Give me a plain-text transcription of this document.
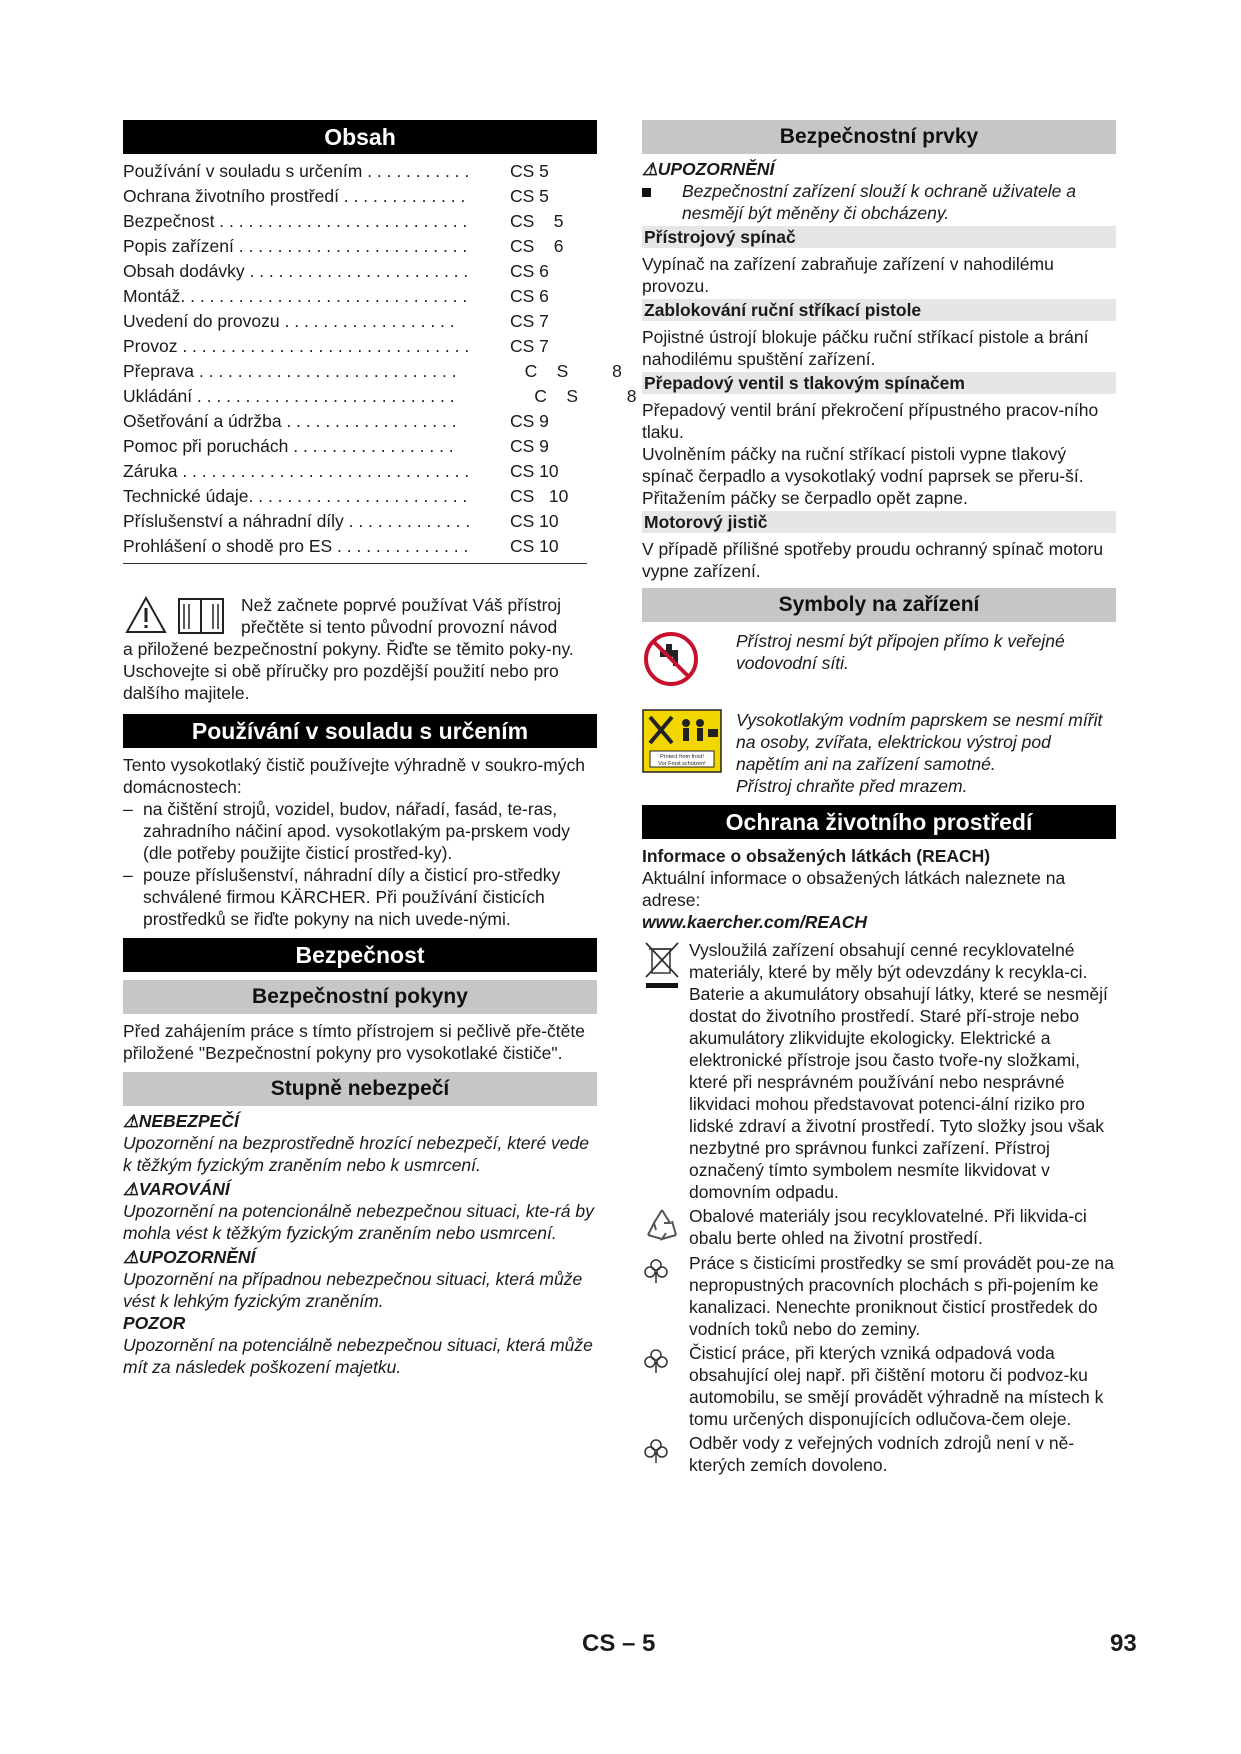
Obsah
Používání v souladu s určením . . . . . . . . . . . CS 5
Ochrana životního prostředí . . . . . . . . . . . . .	CS 5
Bezpečnost . . . . . . . . . . . . . . . . . . . . . . . . . . CS    5
Popis zařízení . . . . . . . . . . . . . . . . . . . . . . . . CS    6
Obsah dodávky . . . . . . . . . . . . . . . . . . . . . . . CS 6
Montáž. . . . . . . . . . . . . . . . . . . . . . . . . . . . . . CS 6
Uvedení do provozu . . . . . . . . . . . . . . . . . .	CS 7
Provoz . . . . . . . . . . . . . . . . . . . . . . . . . . . . . . CS 7
Přeprava . . . . . . . . . . . . . . . . . . . . . . . . . . .	C    S         8
Ukládání . . . . . . . . . . . . . . . . . . . . . . . . . . .	C    S          8
Ošetřování a údržba . . . . . . . . . . . . . . . . . .	CS 9
Pomoc při poruchách . . . . . . . . . . . . . . . . .	CS 9
Záruka . . . . . . . . . . . . . . . . . . . . . . . . . . . . . . CS 10
Technické údaje. . . . . . . . . . . . . . . . . . . . . . . CS   10
Příslušenství a náhradní díly . . . . . . . . . . . . . CS 10
Prohlášení o shodě pro ES . . . . . . . . . . . . . . CS 10
Než začnete poprvé používat Váš přístroj
přečtěte si tento původní provozní návod
a přiložené bezpečnostní pokyny. Řiďte se těmito poky-ny. Uschovejte si obě příručky pro pozdější použití nebo pro dalšího majitele.
Používání v souladu s určením
Tento vysokotlaký čistič používejte výhradně v soukro-mých domácnostech:
– na čištění strojů, vozidel, budov, nářadí, fasád, te-ras, zahradního náčiní apod. vysokotlakým pa-prskem vody (dle potřeby použijte čisticí prostřed-ky).
– pouze příslušenství, náhradní díly a čisticí pro-středky schválené firmou KÄRCHER. Při používání čisticích prostředků se řiďte pokyny na nich uvede-nými.
Bezpečnost
Bezpečnostní pokyny
Před zahájením práce s tímto přístrojem si pečlivě pře-čtěte přiložené "Bezpečnostní pokyny pro vysokotlaké čističe".
Stupně nebezpečí
⚠NEBEZPEČÍ
Upozornění na bezprostředně hrozící nebezpečí, které vede k těžkým fyzickým zraněním nebo k usmrcení.
⚠VAROVÁNÍ
Upozornění na potencionálně nebezpečnou situaci, kte-rá by mohla vést k těžkým fyzickým zraněním nebo usmrcení.
⚠UPOZORNĚNÍ
Upozornění na případnou nebezpečnou situaci, která může vést k lehkým fyzickým zraněním.
POZOR
Upozornění na potenciálně nebezpečnou situaci, která může mít za následek poškození majetku.
Bezpečnostní prvky
⚠UPOZORNĚNÍ
Bezpečnostní zařízení slouží k ochraně uživatele a nesmějí být měněny či obcházeny.
Přístrojový spínač
Vypínač na zařízení zabraňuje zařízení v nahodilému provozu.
Zablokování ruční stříkací pistole
Pojistné ústrojí blokuje páčku ruční stříkací pistole a brání nahodilému spuštění zařízení.
Přepadový ventil s tlakovým spínačem
Přepadový ventil brání překročení přípustného pracov-ního tlaku.
Uvolněním páčky na ruční stříkací pistoli vypne tlakový spínač čerpadlo a vysokotlaký vodní paprsek se přeru-ší. Přitažením páčky se čerpadlo opět zapne.
Motorový jistič
V případě přílišné spotřeby proudu ochranný spínač motoru vypne zařízení.
Symboly na zařízení
Přístroj nesmí být připojen přímo k veřejné vodovodní síti.
Protect from frost!
Vor Frost schützen!
Vysokotlakým vodním paprskem se nesmí mířit na osoby, zvířata, elektrickou výstroj pod napětím ani na zařízení samotné.
Přístroj chraňte před mrazem.
Ochrana životního prostředí
Informace o obsažených látkách (REACH)
Aktuální informace o obsažených látkách naleznete na adrese:
www.kaercher.com/REACH
Vysloužilá zařízení obsahují cenné recyklovatelné materiály, které by měly být odevzdány k recykla-ci. Baterie a akumulátory obsahují látky, které se nesmějí dostat do životního prostředí. Staré pří-stroje nebo akumulátory zlikvidujte ekologicky. Elektrické a elektronické přístroje jsou často tvoře-ny složkami, které při nesprávném používání nebo nesprávné likvidaci mohou představovat potenci-ální riziko pro lidské zdraví a životní prostředí. Tyto složky jsou však nezbytné pro správnou funkci zařízení. Přístroj označený tímto symbolem nesmíte likvidovat v domovním odpadu.
Obalové materiály jsou recyklovatelné. Při likvida-ci obalu berte ohled na životní prostředí.
Práce s čisticími prostředky se smí provádět pou-ze na nepropustných pracovních plochách s při-pojením ke kanalizaci. Nenechte proniknout čisticí prostředek do vodních toků nebo do zeminy.
Čisticí práce, při kterých vzniká odpadová voda obsahující olej např. při čištění motoru či podvoz-ku automobilu, se smějí provádět výhradně na místech k tomu určených disponujících odlučova-čem oleje.
Odběr vody z veřejných vodních zdrojů není v ně-kterých zemích dovoleno.
CS – 5	93
